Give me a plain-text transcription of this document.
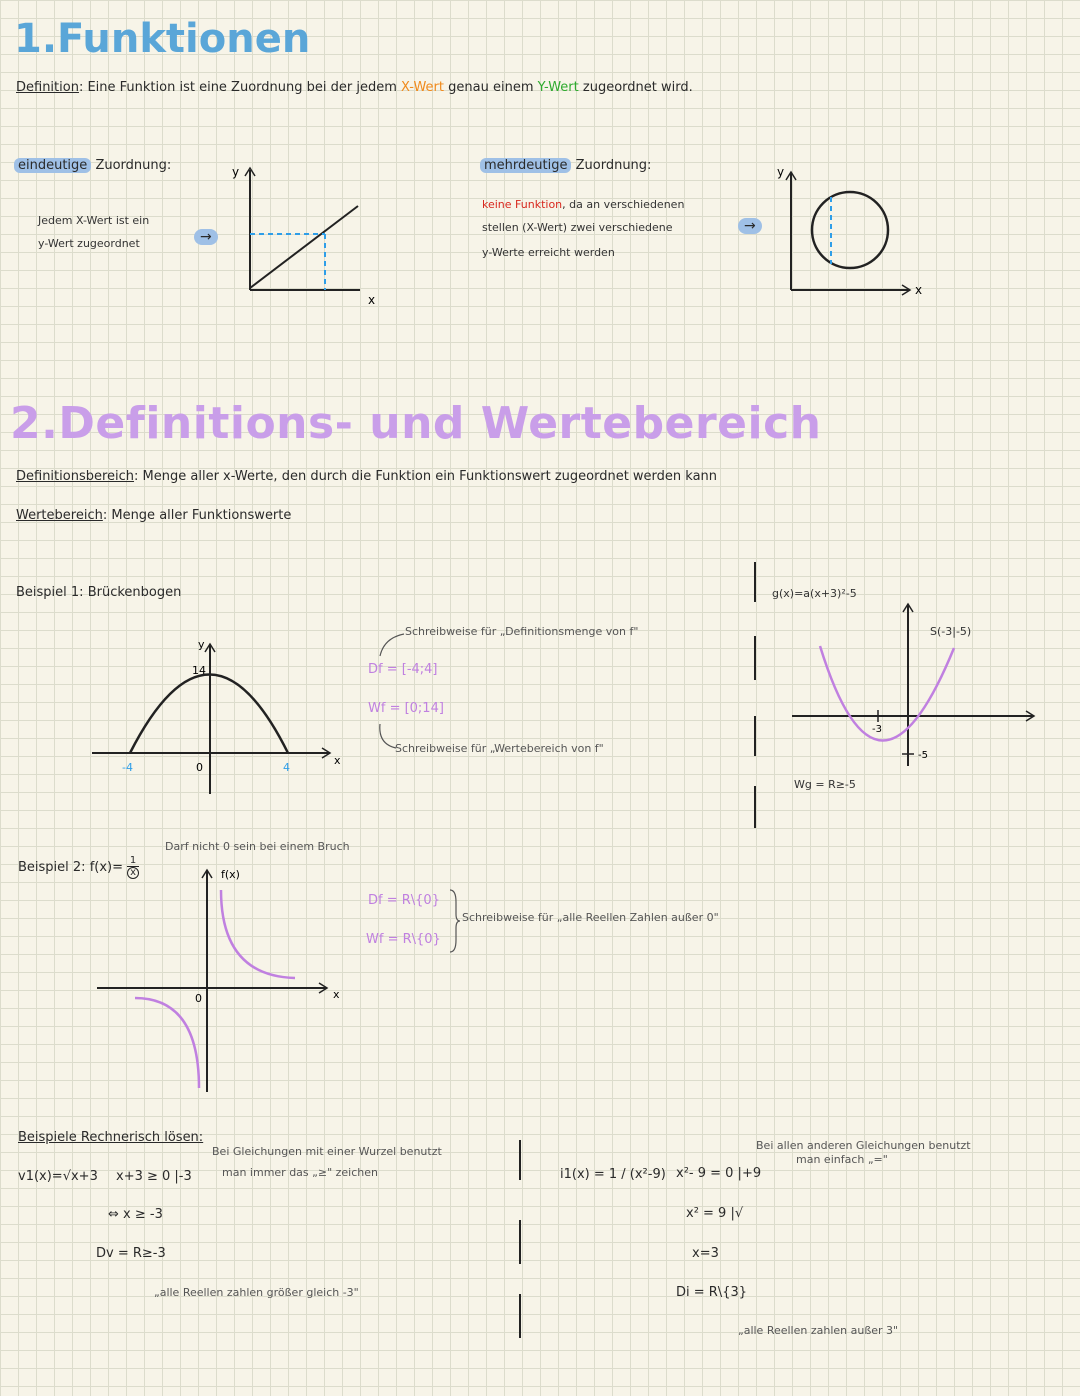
1.Funktionen
Definition: Eine Funktion ist eine Zuordnung bei der jedem X-Wert genau einem Y-Wert zugeordnet wird.
eindeutige Zuordnung:
Jedem X-Wert ist ein
y-Wert zugeordnet	→
y
x
mehrdeutige Zuordnung:
keine Funktion, da an verschiedenen
stellen (X-Wert) zwei verschiedene
y-Werte erreicht werden
→
y
x
2.Definitions- und Wertebereich
Definitionsbereich: Menge aller x-Werte, den durch die Funktion ein Funktionswert zugeordnet werden kann
Wertebereich: Menge aller Funktionswerte
Beispiel 1: Brückenbogen
y
14
-4	0	4
x
Schreibweise für „Definitionsmenge von f"
Df = [-4;4]
Wf = [0;14]
Schreibweise für „Wertebereich von f"
g(x)=a(x+3)²-5
S(-3|-5)
-3
-5
Wg = R≥-5
Beispiel 2: $f(x)= \frac{1}{x}$
Darf nicht 0 sein bei einem Bruch
f(x)
0	x
Df = R\{0}
Wf = R\{0}
Schreibweise für „alle Reellen Zahlen außer 0"
Beispiele Rechnerisch lösen:
Bei Gleichungen mit einer Wurzel benutzt
man immer das „≥" zeichen
v1(x)=√x+3 x+3 ≥ 0 |-3
⇔ x ≥ -3
Dv = R≥-3
„alle Reellen zahlen größer gleich -3"
i1(x) = 1 / (x²-9)
Bei allen anderen Gleichungen benutzt
man einfach „="
x²- 9 = 0 |+9
x² = 9 |√
x=3
Di = R\{3}
„alle Reellen zahlen außer 3"
